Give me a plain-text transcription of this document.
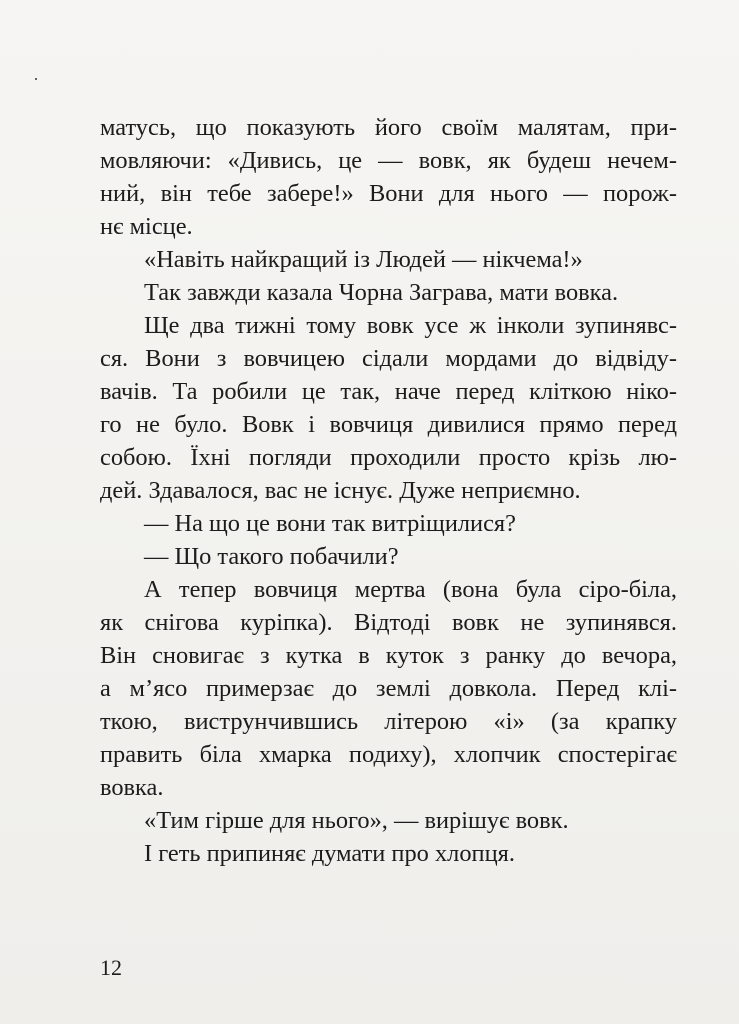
матусь, що показують його своїм малятам, при-
мовляючи: «Дивись, це — вовк, як будеш нечем-
ний, він тебе забере!» Вони для нього — порож-
нє місце.
«Навіть найкращий із Людей — нікчема!»
Так завжди казала Чорна Заграва, мати вовка.
Ще два тижні тому вовк усе ж інколи зупинявс-
ся. Вони з вовчицею сідали мордами до відвіду-
вачів. Та робили це так, наче перед кліткою ніко-
го не було. Вовк і вовчиця дивилися прямо перед
собою. Їхні погляди проходили просто крізь лю-
дей. Здавалося, вас не існує. Дуже неприємно.
— На що це вони так витріщилися?
— Що такого побачили?
А тепер вовчиця мертва (вона була сіро-біла,
як снігова куріпка). Відтоді вовк не зупинявся.
Він сновигає з кутка в куток з ранку до вечора,
а м’ясо примерзає до землі довкола. Перед клі-
ткою, виструнчившись літерою «і» (за крапку
править біла хмарка подиху), хлопчик спостерігає
вовка.
«Тим гірше для нього», — вирішує вовк.
І геть припиняє думати про хлопця.
12
